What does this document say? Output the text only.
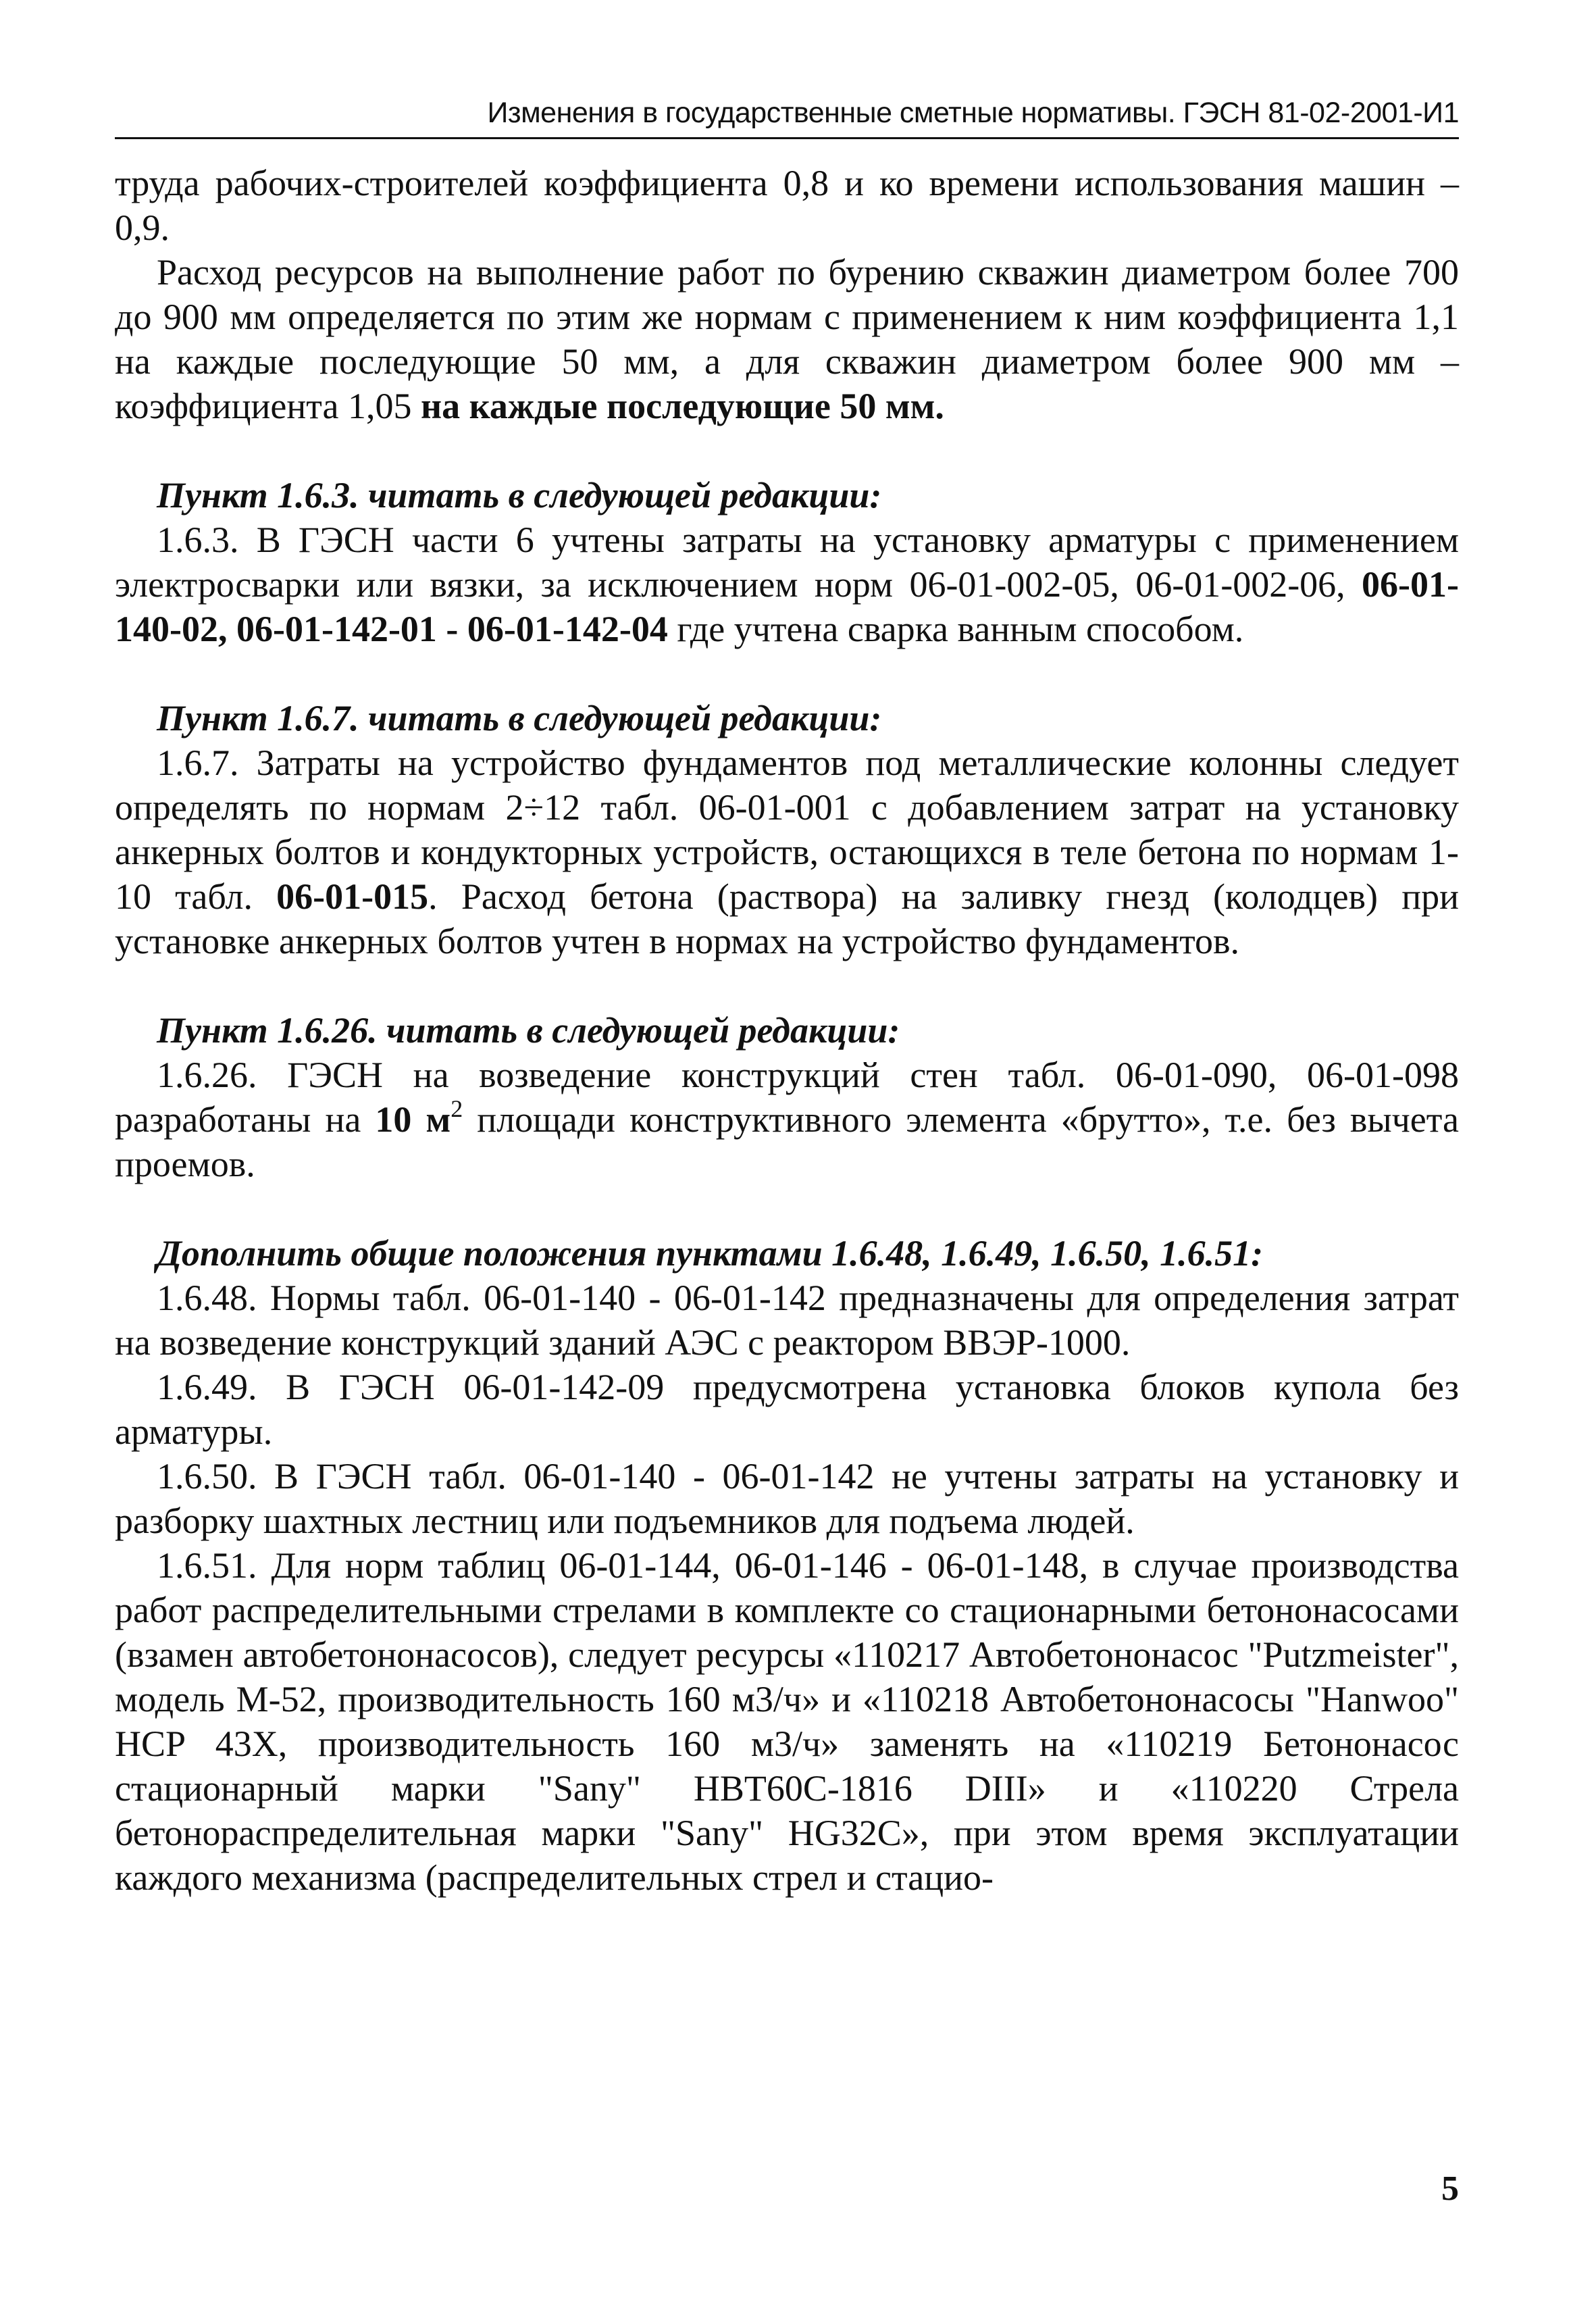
Изменения в государственные сметные нормативы. ГЭСН 81-02-2001-И1

труда рабочих-строителей коэффициента 0,8 и ко времени использования машин – 0,9.

Расход ресурсов на выполнение работ по бурению скважин диаметром более 700 до 900 мм определяется по этим же нормам с применением к ним коэффициента 1,1 на каждые последующие 50 мм, а для скважин диаметром более 900 мм – коэффициента 1,05 на каждые последующие 50 мм.

Пункт 1.6.3. читать в следующей редакции:

1.6.3. В ГЭСН части 6 учтены затраты на установку арматуры с применением электросварки или вязки, за исключением норм 06-01-002-05, 06-01-002-06, 06-01-140-02, 06-01-142-01 - 06-01-142-04 где учтена сварка ванным способом.

Пункт 1.6.7. читать в следующей редакции:

1.6.7. Затраты на устройство фундаментов под металлические колонны следует определять по нормам 2÷12 табл. 06-01-001 с добавлением затрат на установку анкерных болтов и кондукторных устройств, остающихся в теле бетона по нормам 1-10 табл. 06-01-015. Расход бетона (раствора) на заливку гнезд (колодцев) при установке анкерных болтов учтен в нормах на устройство фундаментов.

Пункт 1.6.26. читать в следующей редакции:

1.6.26. ГЭСН на возведение конструкций стен табл. 06-01-090, 06-01-098 разработаны на 10 $м^2$ площади конструктивного элемента «брутто», т.е. без вычета проемов.

Дополнить общие положения пунктами 1.6.48, 1.6.49, 1.6.50, 1.6.51:

1.6.48. Нормы табл. 06-01-140 - 06-01-142 предназначены для определения затрат на возведение конструкций зданий АЭС с реактором ВВЭР-1000.

1.6.49. В ГЭСН 06-01-142-09 предусмотрена установка блоков купола без арматуры.

1.6.50. В ГЭСН табл. 06-01-140 - 06-01-142 не учтены затраты на установку и разборку шахтных лестниц или подъемников для подъема людей.

1.6.51. Для норм таблиц 06-01-144, 06-01-146 - 06-01-148, в случае производства работ распределительными стрелами в комплекте со стационарными бетононасосами (взамен автобетононасосов), следует ресурсы «110217 Автобетононасос "Putzmeister", модель М-52, производительность 160 м3/ч» и «110218 Автобетононасосы "Hanwoo" HCP 43X, производительность 160 м3/ч» заменять на «110219 Бетононасос стационарный марки "Sany" HBT60C-1816 DIII» и «110220 Стрела бетонораспределительная марки "Sany" HG32C», при этом время эксплуатации каждого механизма (распределительных стрел и стацио-

5
